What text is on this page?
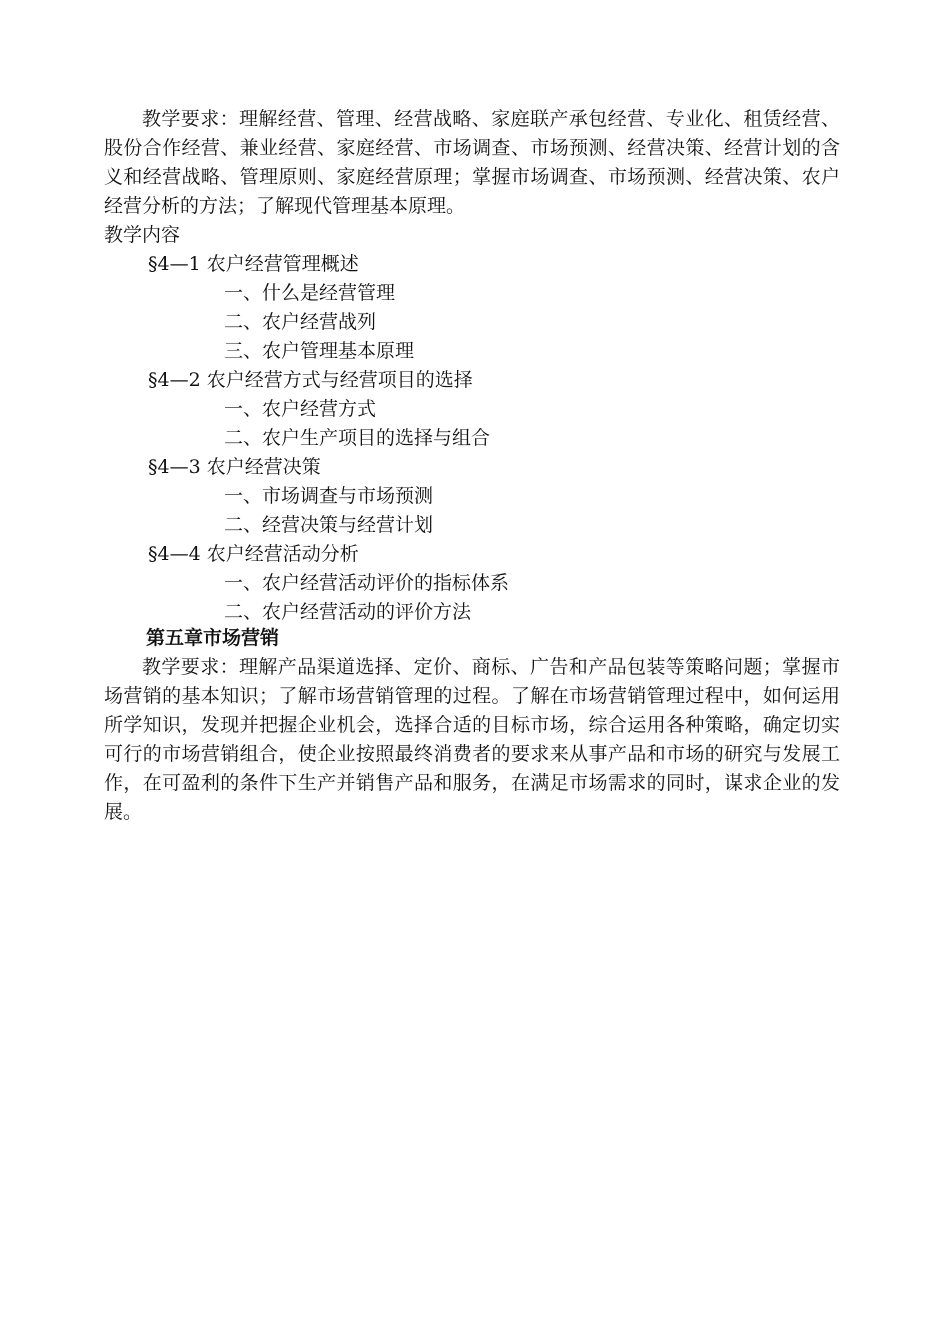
教学要求：理解经营、管理、经营战略、家庭联产承包经营、专业化、租赁经营、股份合作经营、兼业经营、家庭经营、市场调查、市场预测、经营决策、经营计划的含义和经营战略、管理原则、家庭经营原理；掌握市场调查、市场预测、经营决策、农户经营分析的方法；了解现代管理基本原理。

教学内容
§4—1 农户经营管理概述
一、什么是经营管理
二、农户经营战列
三、农户管理基本原理
§4—2 农户经营方式与经营项目的选择
一、农户经营方式
二、农户生产项目的选择与组合
§4—3 农户经营决策
一、市场调查与市场预测
二、经营决策与经营计划
§4—4 农户经营活动分析
一、农户经营活动评价的指标体系
二、农户经营活动的评价方法
第五章市场营销

教学要求：理解产品渠道选择、定价、商标、广告和产品包装等策略问题；掌握市场营销的基本知识；了解市场营销管理的过程。了解在市场营销管理过程中，如何运用所学知识，发现并把握企业机会，选择合适的目标市场，综合运用各种策略，确定切实可行的市场营销组合，使企业按照最终消费者的要求来从事产品和市场的研究与发展工作，在可盈利的条件下生产并销售产品和服务，在满足市场需求的同时，谋求企业的发展。
